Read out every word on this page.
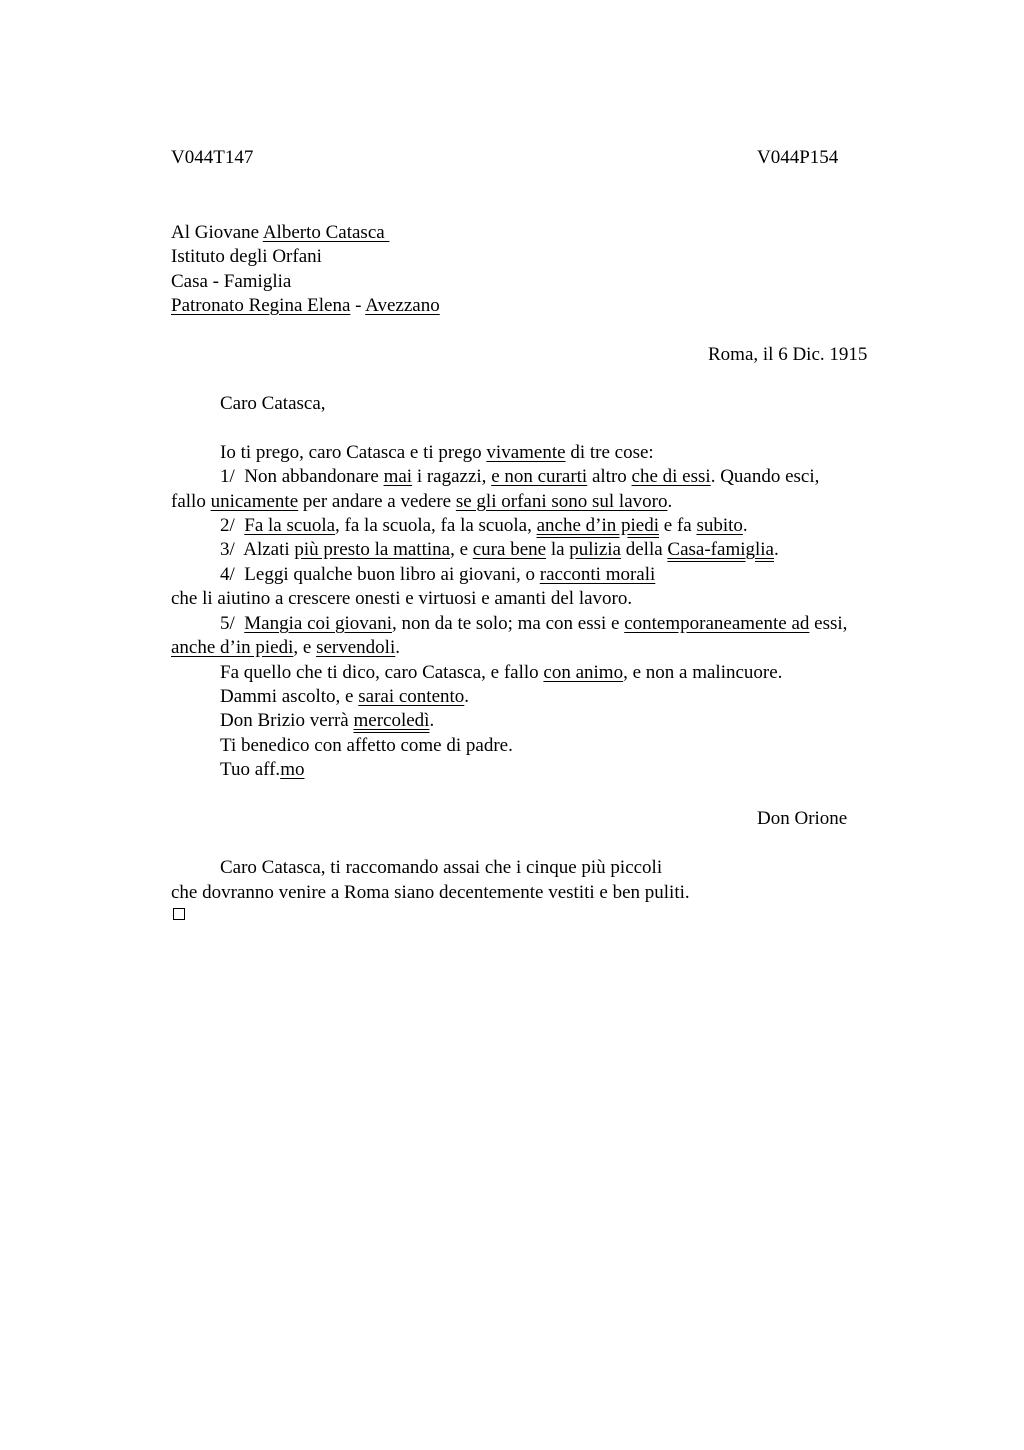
V044T147	V044P154
Al Giovane Alberto Catasca
Istituto degli Orfani
Casa - Famiglia
Patronato Regina Elena - Avezzano
Roma, il 6 Dic. 1915
Caro Catasca,
Io ti prego, caro Catasca e ti prego vivamente di tre cose:
1/  Non abbandonare mai i ragazzi, e non curarti altro che di essi. Quando esci,
fallo unicamente per andare a vedere se gli orfani sono sul lavoro.
2/  Fa la scuola, fa la scuola, fa la scuola, anche d’in piedi e fa subito.
3/  Alzati più presto la mattina, e cura bene la pulizia della Casa-famiglia.
4/  Leggi qualche buon libro ai giovani, o racconti morali
che li aiutino a crescere onesti e virtuosi e amanti del lavoro.
5/  Mangia coi giovani, non da te solo; ma con essi e contemporaneamente ad essi,
anche d’in piedi, e servendoli.
Fa quello che ti dico, caro Catasca, e fallo con animo, e non a malincuore.
Dammi ascolto, e sarai contento.
Don Brizio verrà mercoledì.
Ti benedico con affetto come di padre.
Tuo aff.mo
Don Orione
Caro Catasca, ti raccomando assai che i cinque più piccoli
che dovranno venire a Roma siano decentemente vestiti e ben puliti.
